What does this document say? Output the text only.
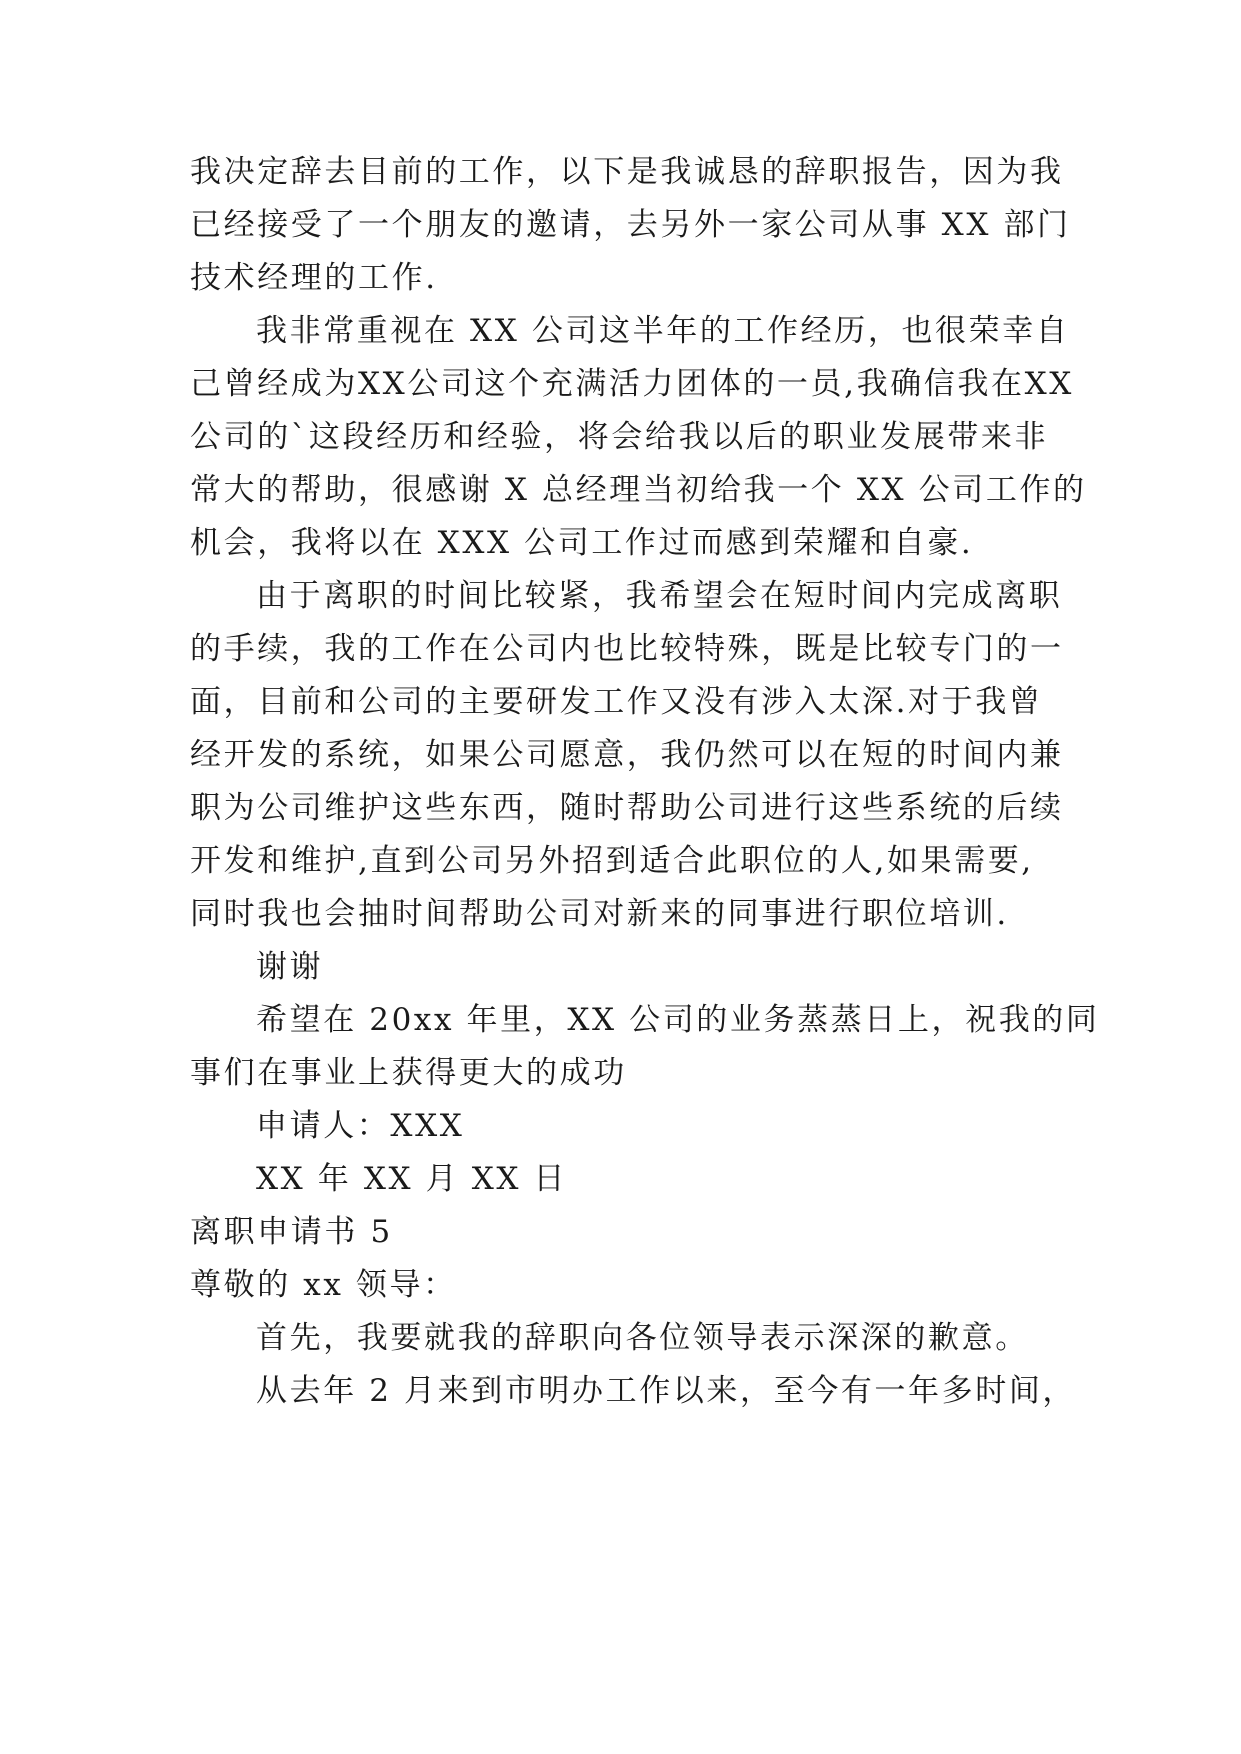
我决定辞去目前的工作，以下是我诚恳的辞职报告，因为我
已经接受了一个朋友的邀请，去另外一家公司从事 XX 部门
技术经理的工作.
我非常重视在 XX 公司这半年的工作经历，也很荣幸自
己曾经成为XX公司这个充满活力团体的一员,我确信我在XX
公司的`这段经历和经验，将会给我以后的职业发展带来非
常大的帮助，很感谢 X 总经理当初给我一个 XX 公司工作的
机会，我将以在 XXX 公司工作过而感到荣耀和自豪.
由于离职的时间比较紧，我希望会在短时间内完成离职
的手续，我的工作在公司内也比较特殊，既是比较专门的一
面，目前和公司的主要研发工作又没有涉入太深.对于我曾
经开发的系统，如果公司愿意，我仍然可以在短的时间内兼
职为公司维护这些东西，随时帮助公司进行这些系统的后续
开发和维护,直到公司另外招到适合此职位的人,如果需要,
同时我也会抽时间帮助公司对新来的同事进行职位培训.
谢谢
希望在 20xx 年里，XX 公司的业务蒸蒸日上，祝我的同
事们在事业上获得更大的成功
申请人：XXX
XX 年 XX 月 XX 日
离职申请书 5
尊敬的 xx 领导：
首先，我要就我的辞职向各位领导表示深深的歉意。
从去年 2 月来到市明办工作以来，至今有一年多时间，
